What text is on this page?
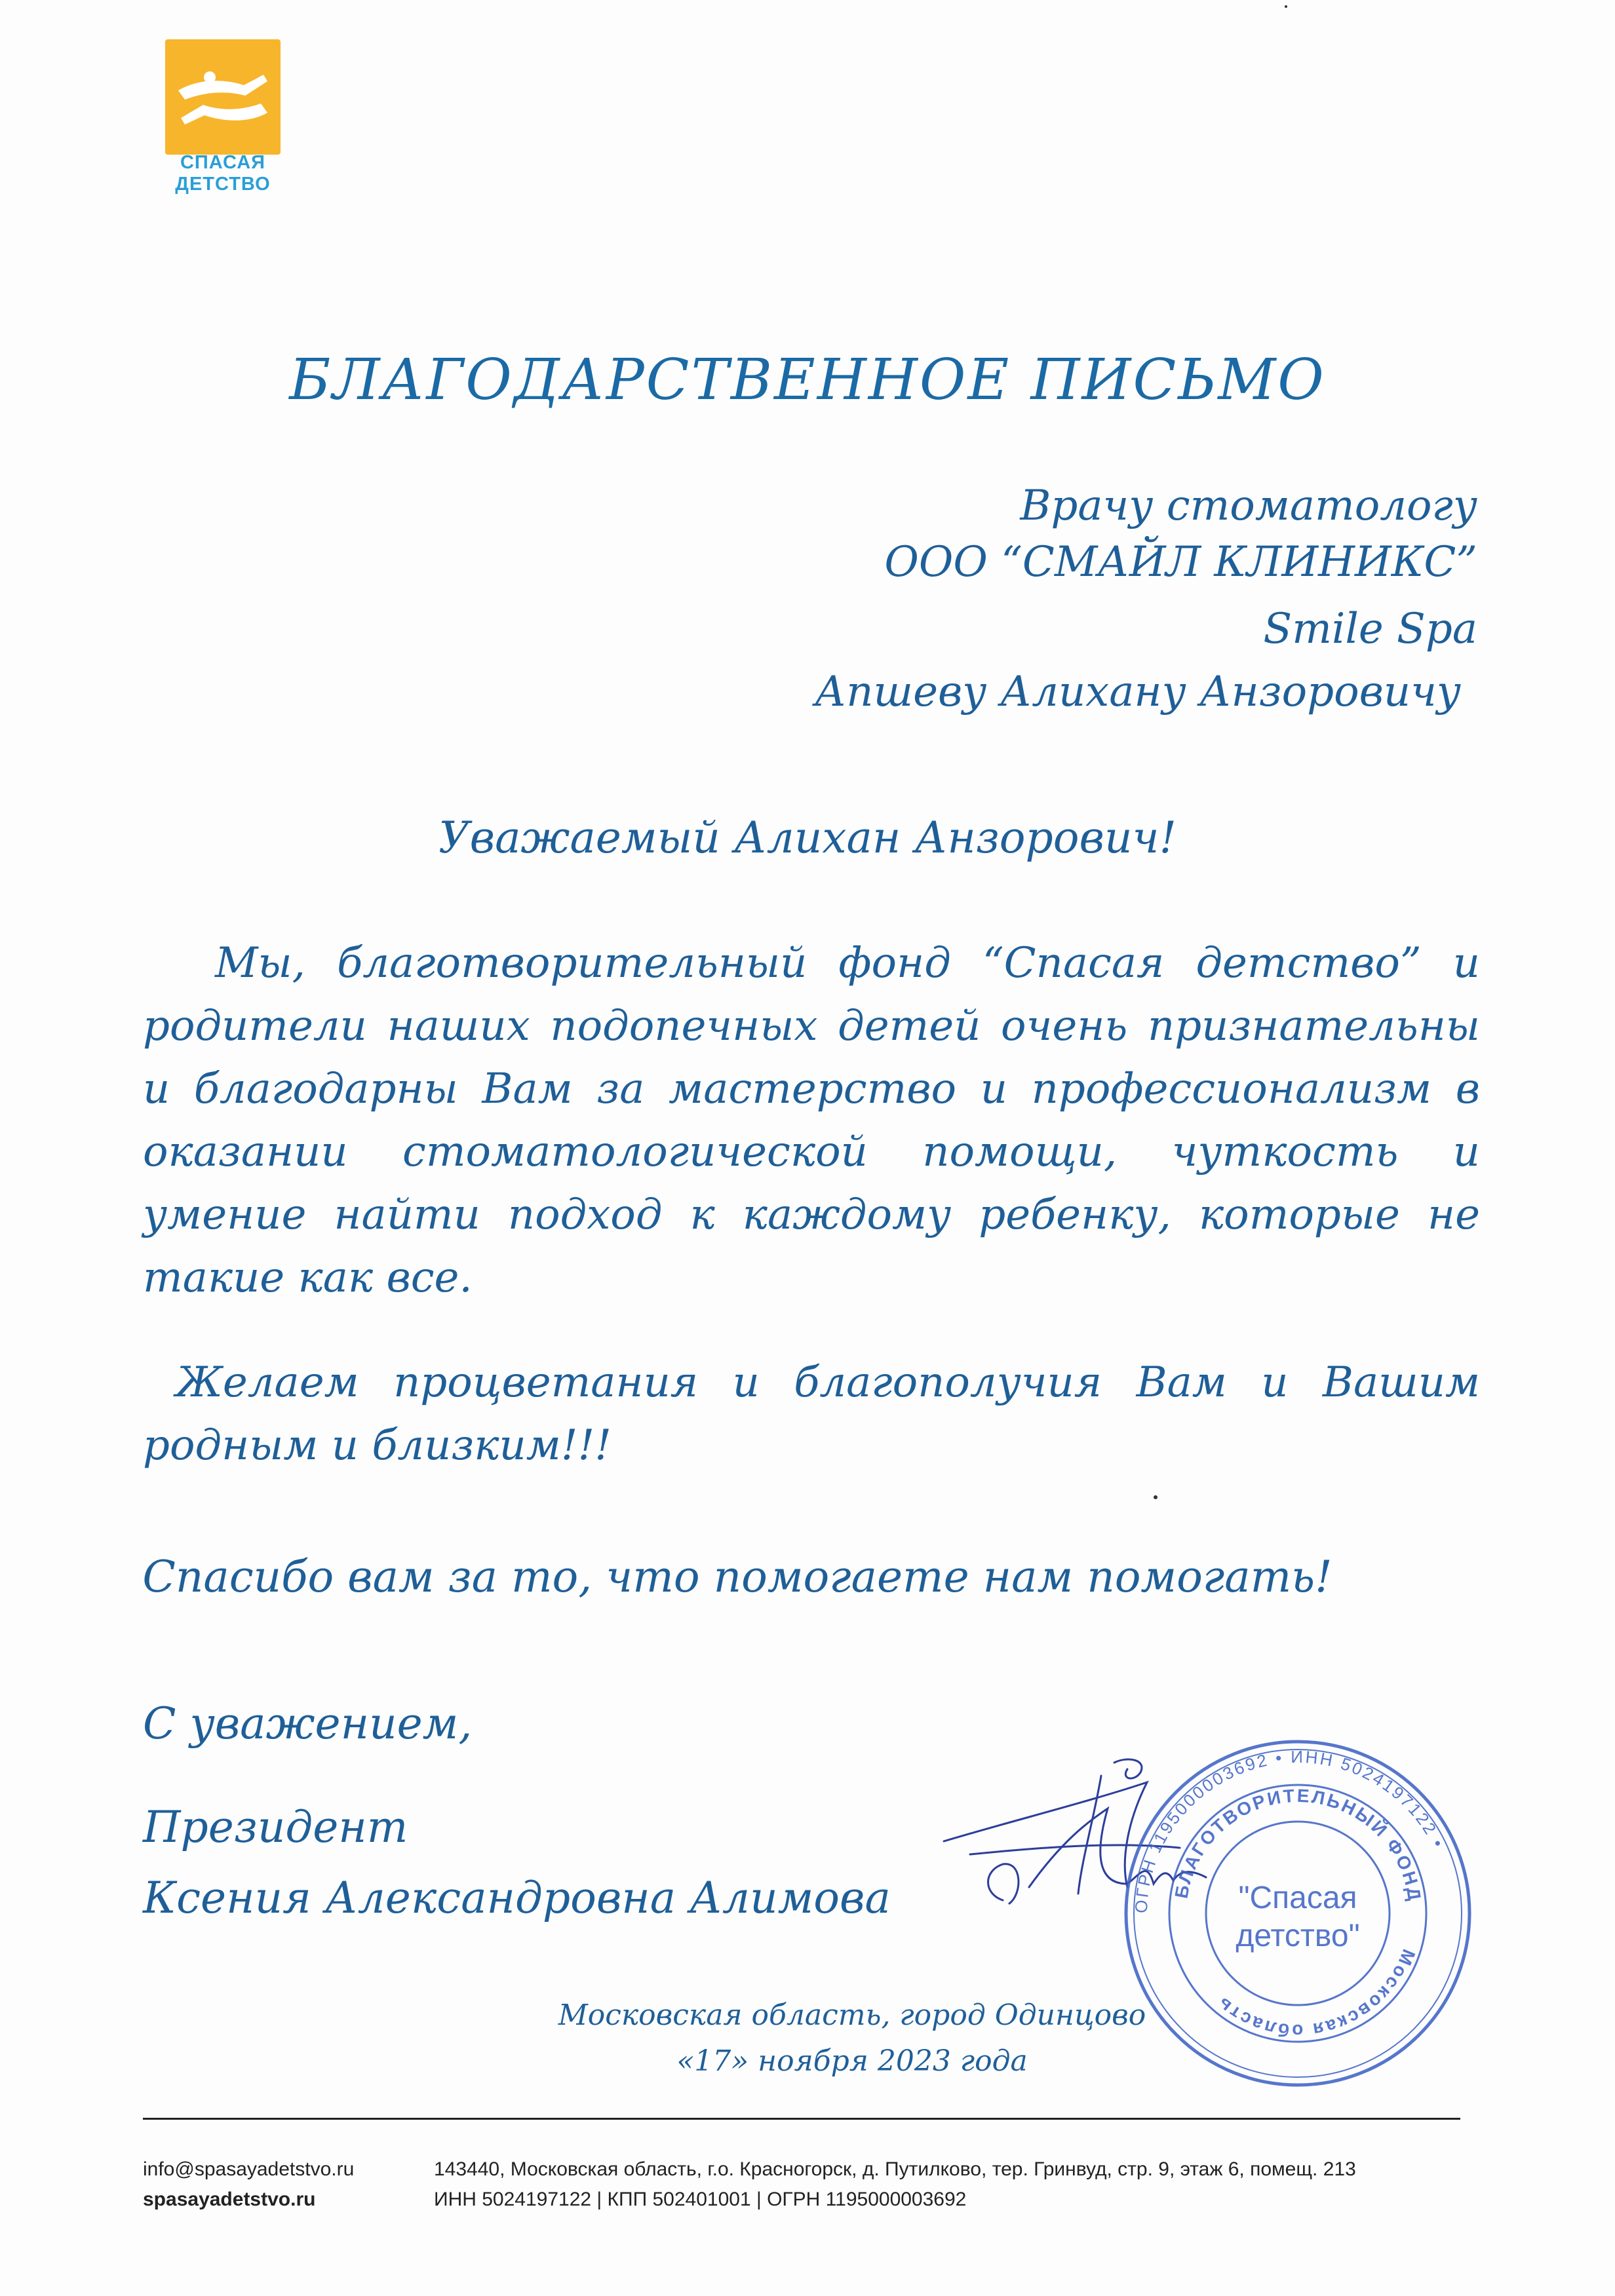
СПАСАЯ ДЕТСТВО
БЛАГОДАРСТВЕННОЕ ПИСЬМО
Врачу стоматологу
ООО “СМАЙЛ КЛИНИКС”
Smile Spa
Апшеву Алихану Анзоровичу
Уважаемый Алихан Анзорович!
Мы, благотворительный фонд “Спасая детство” и родители наших подопечных детей очень признательны и благодарны Вам за мастерство и профессионализм в оказании стоматологической помощи, чуткость и умение найти подход к каждому ребенку, которые не такие как все.
Желаем процветания и благополучия Вам и Вашим родным и близким!!!
Спасибо вам за то, что помогаете нам помогать!
С уважением,
Президент
Ксения Александровна Алимова	ОГРН 1195000003692 • ИНН 5024197122 •
БЛАГОТВОРИТЕЛЬНЫЙ ФОНД
Московская область
"Спасая
детство"
Московская область, город Одинцово
«17» ноября 2023 года
info@spasayadetstvo.ru
spasayadetstvo.ru
143440, Московская область, г.о. Красногорск, д. Путилково, тер. Гринвуд, стр. 9, этаж 6, помещ. 213
ИНН 5024197122 | КПП 502401001 | ОГРН 1195000003692
